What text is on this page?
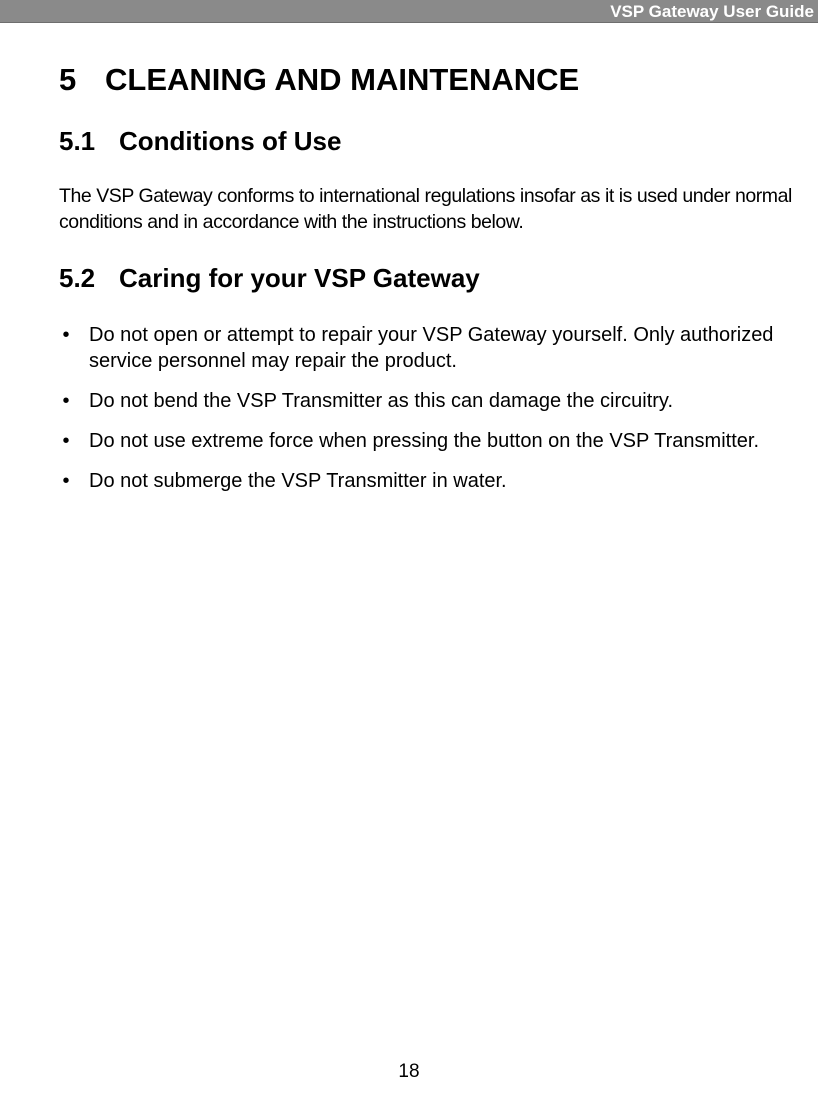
VSP Gateway User Guide
5 CLEANING AND MAINTENANCE
5.1 Conditions of Use

The VSP Gateway conforms to international regulations insofar as it is used under normal conditions and in accordance with the instructions below.

5.2 Caring for your VSP Gateway
• Do not open or attempt to repair your VSP Gateway yourself. Only authorized service personnel may repair the product.
• Do not bend the VSP Transmitter as this can damage the circuitry.
• Do not use extreme force when pressing the button on the VSP Transmitter.
• Do not submerge the VSP Transmitter in water.
18
